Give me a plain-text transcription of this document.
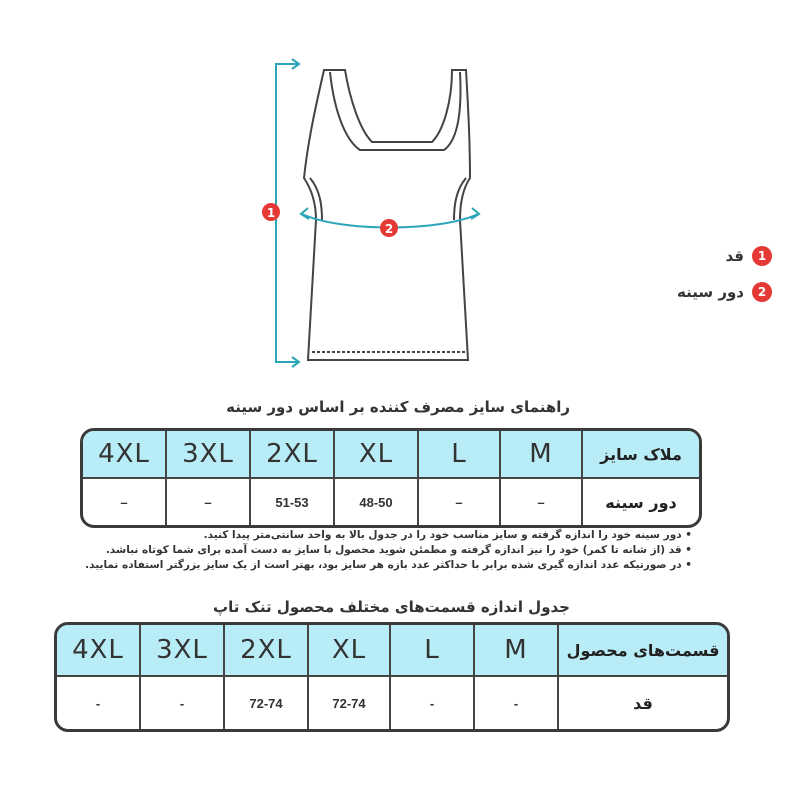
1
2
1
قد
2
دور سینه
راهنمای سایز مصرف کننده بر اساس دور سینه
4XL	3XL	2XL	XL	L	M	ملاک سایز
–	–	51-53	48-50	–	–	دور سینه
• دور سینه خود را اندازه گرفته و سایز مناسب خود را در جدول بالا به واحد سانتی‌متر پیدا کنید.
• قد (از شانه تا کمر) خود را نیز اندازه گرفته و مطمئن شوید محصول با سایز به دست آمده برای شما کوتاه نباشد.
• در صورتیکه عدد اندازه گیری شده برابر با حداکثر عدد بازه هر سایز بود، بهتر است از یک سایز بزرگتر استفاده نمایید.
جدول اندازه قسمت‌های مختلف محصول تنک تاپ
4XL	3XL	2XL	XL	L	M	قسمت‌های محصول
-	-	72-74	72-74	-	-	قد
